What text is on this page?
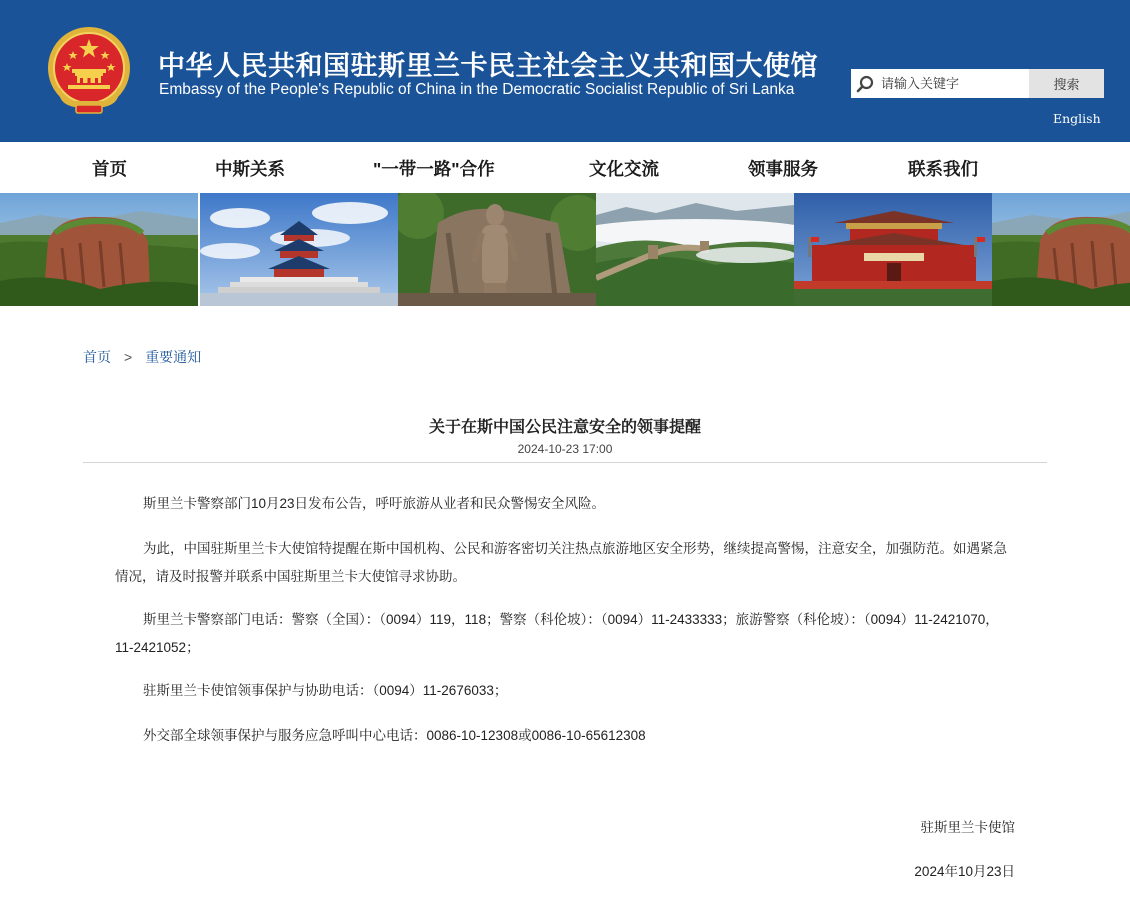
中华人民共和国驻斯里兰卡民主社会主义共和国大使馆
Embassy of the People's Republic of China in the Democratic Socialist Republic of Sri Lanka
请输入关键字	搜索
English
首页	中斯关系	"一带一路"合作	文化交流	领事服务	联系我们
首页 > 重要通知
关于在斯中国公民注意安全的领事提醒
2024-10-23 17:00

斯里兰卡警察部门10月23日发布公告，呼吁旅游从业者和民众警惕安全风险。

为此，中国驻斯里兰卡大使馆特提醒在斯中国机构、公民和游客密切关注热点旅游地区安全形势，继续提高警惕，注意安全，加强防范。如遇紧急情况，请及时报警并联系中国驻斯里兰卡大使馆寻求协助。

斯里兰卡警察部门电话：警察（全国）：（0094）119，118；警察（科伦坡）：（0094）11-2433333；旅游警察（科伦坡）：（0094）11-2421070，11-2421052；

驻斯里兰卡使馆领事保护与协助电话：（0094）11-2676033；

外交部全球领事保护与服务应急呼叫中心电话：0086-10-12308或0086-10-65612308

驻斯里兰卡使馆
2024年10月23日
